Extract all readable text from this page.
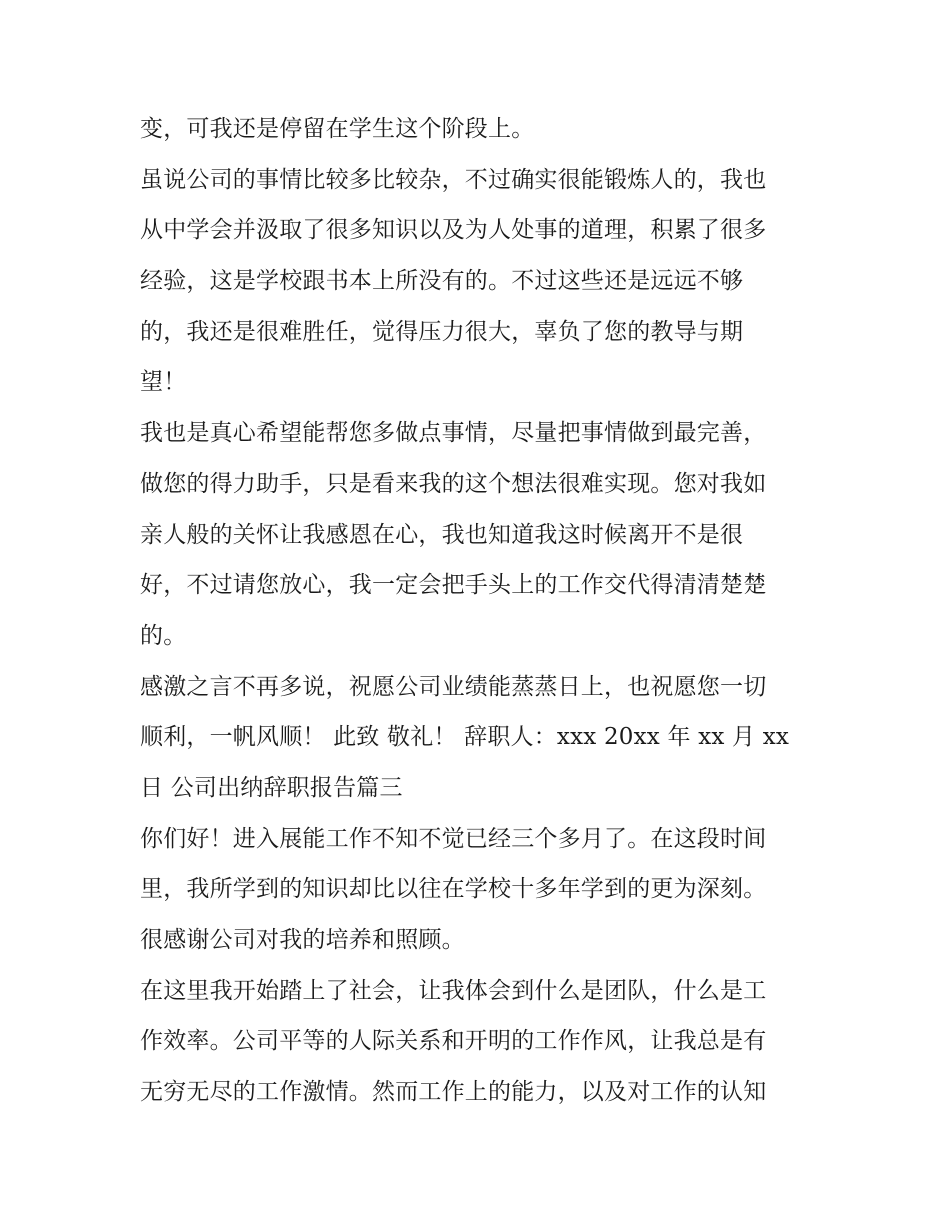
变，可我还是停留在学生这个阶段上。
虽说公司的事情比较多比较杂，不过确实很能锻炼人的，我也
从中学会并汲取了很多知识以及为人处事的道理，积累了很多
经验，这是学校跟书本上所没有的。不过这些还是远远不够
的，我还是很难胜任，觉得压力很大，辜负了您的教导与期
望！
我也是真心希望能帮您多做点事情，尽量把事情做到最完善，
做您的得力助手，只是看来我的这个想法很难实现。您对我如
亲人般的关怀让我感恩在心，我也知道我这时候离开不是很
好，不过请您放心，我一定会把手头上的工作交代得清清楚楚
的。
感激之言不再多说，祝愿公司业绩能蒸蒸日上，也祝愿您一切
顺利，一帆风顺！ 此致 敬礼！ 辞职人：xxx 20xx 年 xx 月 xx
日 公司出纳辞职报告篇三
你们好！进入展能工作不知不觉已经三个多月了。在这段时间
里，我所学到的知识却比以往在学校十多年学到的更为深刻。
很感谢公司对我的培养和照顾。
在这里我开始踏上了社会，让我体会到什么是团队，什么是工
作效率。公司平等的人际关系和开明的工作作风，让我总是有
无穷无尽的工作激情。然而工作上的能力，以及对工作的认知
